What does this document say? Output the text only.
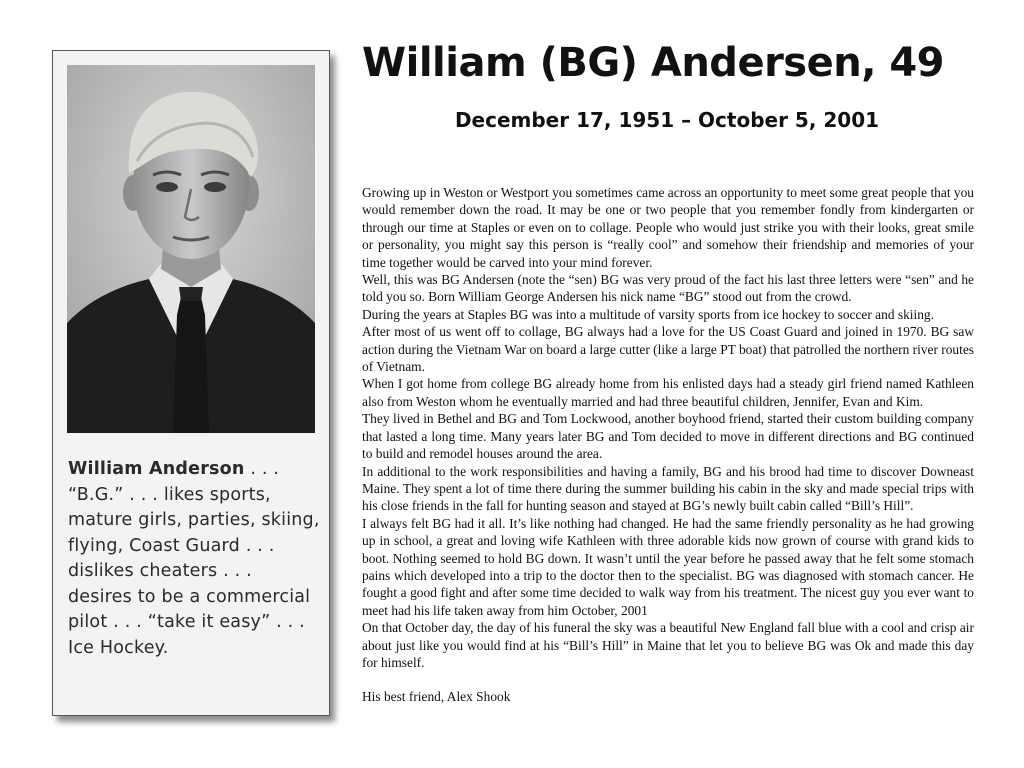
William Anderson . . . “B.G.” . . . likes sports, mature girls, parties, skiing, flying, Coast Guard . . . dislikes cheaters . . . desires to be a commercial pilot . . . “take it easy” . . . Ice Hockey.
William (BG) Andersen, 49
December 17, 1951 – October 5, 2001

Growing up in Weston or Westport you sometimes came across an opportunity to meet some great people that you would remember down the road. It may be one or two people that you remember fondly from kindergarten or through our time at Staples or even on to collage. People who would just strike you with their looks, great smile or personality, you might say this person is “really cool” and somehow their friendship and memories of your time together would be carved into your mind forever.

Well, this was BG Andersen (note the “sen) BG was very proud of the fact his last three letters were “sen” and he told you so. Born William George Andersen his nick name “BG” stood out from the crowd.

During the years at Staples BG was into a multitude of varsity sports from ice hockey to soccer and skiing.

After most of us went off to collage, BG always had a love for the US Coast Guard and joined in 1970. BG saw action during the Vietnam War on board a large cutter (like a large PT boat) that patrolled the northern river routes of Vietnam.

When I got home from college BG already home from his enlisted days had a steady girl friend named Kathleen also from Weston whom he eventually married and had three beautiful children, Jennifer, Evan and Kim.

They lived in Bethel and BG and Tom Lockwood, another boyhood friend, started their custom building company that lasted a long time. Many years later BG and Tom decided to move in different directions and BG continued to build and remodel houses around the area.

In additional to the work responsibilities and having a family, BG and his brood had time to discover Downeast Maine. They spent a lot of time there during the summer building his cabin in the sky and made special trips with his close friends in the fall for hunting season and stayed at BG’s newly built cabin called “Bill’s Hill”.

I always felt BG had it all. It’s like nothing had changed. He had the same friendly personality as he had growing up in school, a great and loving wife Kathleen with three adorable kids now grown of course with grand kids to boot. Nothing seemed to hold BG down. It wasn’t until the year before he passed away that he felt some stomach pains which developed into a trip to the doctor then to the specialist. BG was diagnosed with stomach cancer. He fought a good fight and after some time decided to walk way from his treatment. The nicest guy you ever want to meet had his life taken away from him October, 2001

On that October day, the day of his funeral the sky was a beautiful New England fall blue with a cool and crisp air about just like you would find at his “Bill’s Hill” in Maine that let you to believe BG was Ok and made this day for himself.

His best friend, Alex Shook
